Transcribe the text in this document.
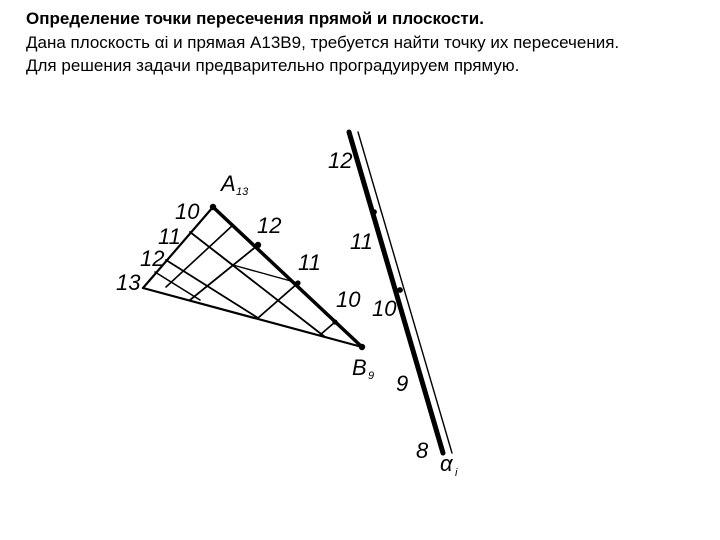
Определение точки пересечения прямой и плоскости.

Дана плоскость αi и прямая А13В9, требуется найти точку их пересечения.

Для решения задачи предварительно проградуируем прямую.

A 13
B 9
13
12
11
10
12
11
10
12
11
10
9
8
α i
